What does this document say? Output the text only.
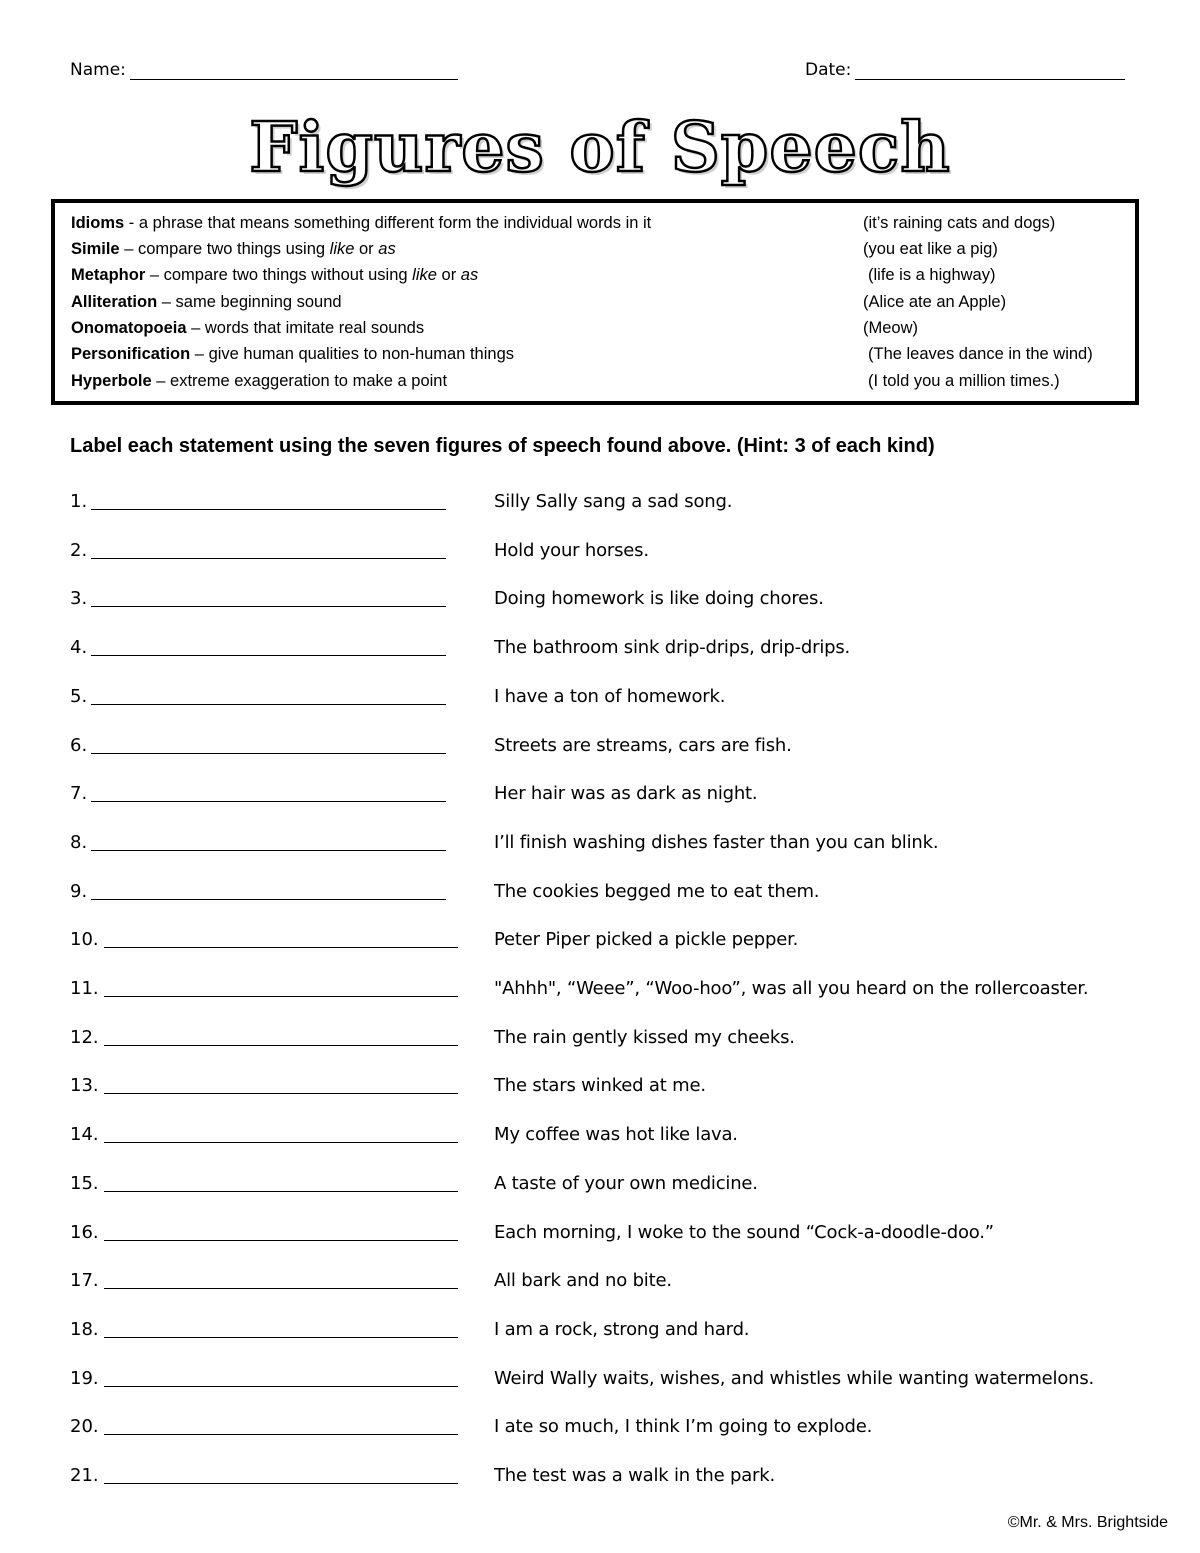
Name:	Date:
Figures of Speech
Idioms - a phrase that means something different form the individual words in it	(it’s raining cats and dogs)
Simile – compare two things using like or as	(you eat like a pig)
Metaphor – compare two things without using like or as	(life is a highway)
Alliteration – same beginning sound	(Alice ate an Apple)
Onomatopoeia – words that imitate real sounds	(Meow)
Personification – give human qualities to non-human things	(The leaves dance in the wind)
Hyperbole – extreme exaggeration to make a point	(I told you a million times.)
Label each statement using the seven figures of speech found above. (Hint: 3 of each kind)
1.	Silly Sally sang a sad song.
2.	Hold your horses.
3.	Doing homework is like doing chores.
4.	The bathroom sink drip-drips, drip-drips.
5.	I have a ton of homework.
6.	Streets are streams, cars are fish.
7.	Her hair was as dark as night.
8.	I’ll finish washing dishes faster than you can blink.
9.	The cookies begged me to eat them.
10.	Peter Piper picked a pickle pepper.
11.	"Ahhh", “Weee”, “Woo-hoo”, was all you heard on the rollercoaster.
12.	The rain gently kissed my cheeks.
13.	The stars winked at me.
14.	My coffee was hot like lava.
15.	A taste of your own medicine.
16.	Each morning, I woke to the sound “Cock-a-doodle-doo.”
17.	All bark and no bite.
18.	I am a rock, strong and hard.
19.	Weird Wally waits, wishes, and whistles while wanting watermelons.
20.	I ate so much, I think I’m going to explode.
21.	The test was a walk in the park.
©Mr. & Mrs. Brightside
